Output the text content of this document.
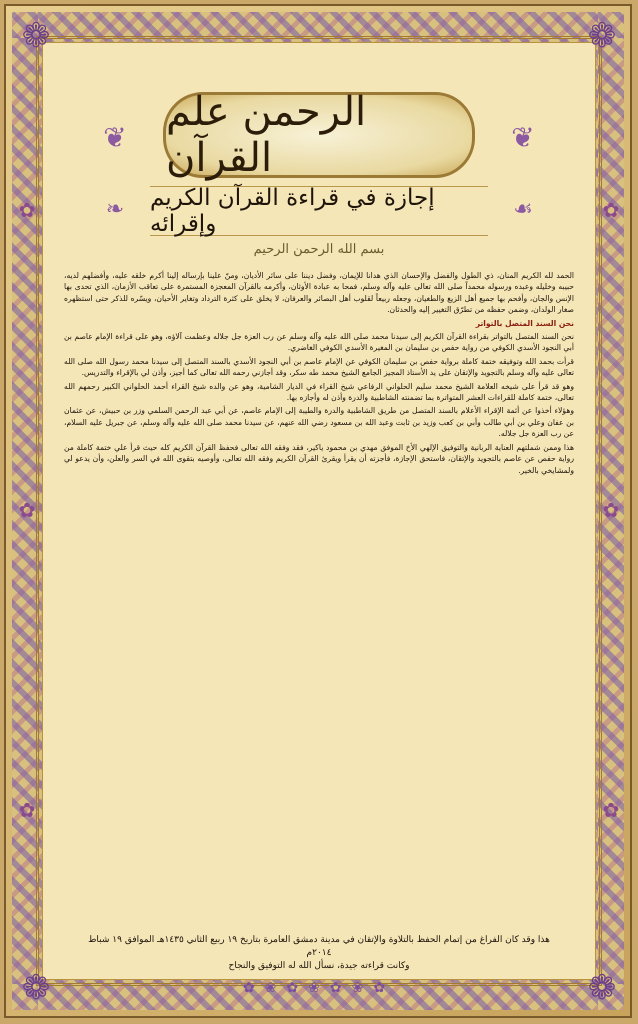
❁	❁
❁	❁
✿
✿
✿
✿
✿
✿
❦	❦
الرحمن علم القرآن
❧	☙
إجازة في قراءة القرآن الكريم وإقرائه
بسم الله الرحمن الرحيم

الحمد لله الكريم المنان، ذي الطول والفضل والإحسان الذي هدانا للإيمان، وفضل ديننا على سائر الأديان، ومنّ علينا بإرساله إلينا أكرم خلقه عليه، وأفضلهم لديه، حبيبه وخليله وعبده ورسوله محمداً صلى الله تعالى عليه وآله وسلم، فمحا به عبادة الأوثان، وأكرمه بالقرآن المعجزة المستمرة على تعاقب الأزمان، الذي تحدى بها الإنس والجان، وأفحم بها جميع أهل الزيغ والطغيان، وجعله ربيعاً لقلوب أهل البصائر والعرفان، لا يخلق على كثرة الترداد وتغاير الأحيان، ويسّره للذكر حتى استظهره صغار الولدان، وضمن حفظه من تطرّق التغيير إليه والحدثان.

نحن السند المتصل بالتواتر

نحن السند المتصل بالتواتر بقراءة القرآن الكريم إلى سيدنا محمد صلى الله عليه وآله وسلم عن رب العزة جل جلاله وعظمت آلاؤه، وهو على قراءة الإمام عاصم بن أبي النجود الأسدي الكوفي من رواية حفص بن سليمان بن المغيرة الأسدي الكوفي الغاضري.

قرأت بحمد الله وتوفيقه ختمة كاملة برواية حفص بن سليمان الكوفي عن الإمام عاصم بن أبي النجود الأسدي بالسند المتصل إلى سيدنا محمد رسول الله صلى الله تعالى عليه وآله وسلم بالتجويد والإتقان على يد الأستاذ المجيز الجامع الشيخ محمد طه سكر، وقد أجازني رحمه الله تعالى كما أجيز، وأذن لي بالإقراء والتدريس.

وهو قد قرأ على شيخه العلامة الشيخ محمد سليم الحلواني الرفاعي شيخ القراء في الديار الشامية، وهو عن والده شيخ القراء أحمد الحلواني الكبير رحمهم الله تعالى، ختمة كاملة للقراءات العشر المتواترة بما تضمنته الشاطبية والدرة وأذن له وأجازه بها.

وهؤلاء أخذوا عن أئمة الإقراء الأعلام بالسند المتصل من طريق الشاطبية والدرة والطيبة إلى الإمام عاصم، عن أبي عبد الرحمن السلمي وزر بن حبيش، عن عثمان بن عفان وعلي بن أبي طالب وأبي بن كعب وزيد بن ثابت وعبد الله بن مسعود رضي الله عنهم، عن سيدنا محمد صلى الله عليه وآله وسلم، عن جبريل عليه السلام، عن رب العزة جل جلاله.

هذا وممن شملتهم العناية الربانية والتوفيق الإلهي الأخ الموفق مهدي بن محمود ياكير، فقد وفقه الله تعالى فحفظ القرآن الكريم كله حيث قرأ علي ختمة كاملة من رواية حفص عن عاصم بالتجويد والإتقان، فاستحق الإجازة، فأجزته أن يقرأ ويقرئ القرآن الكريم وفقه الله تعالى، وأوصيه بتقوى الله في السر والعلن، وأن يدعو لي ولمشايخي بالخير.

هذا وقد كان الفراغ من إتمام الحفظ بالتلاوة والإتقان في مدينة دمشق العامرة بتاريخ ١٩ ربيع الثاني ١٤٣٥هـ الموافق ١٩ شباط ٢٠١٤م
وكانت قراءته جيدة، نسأل الله له التوفيق والنجاح
✿❀✿❀✿❀✿
